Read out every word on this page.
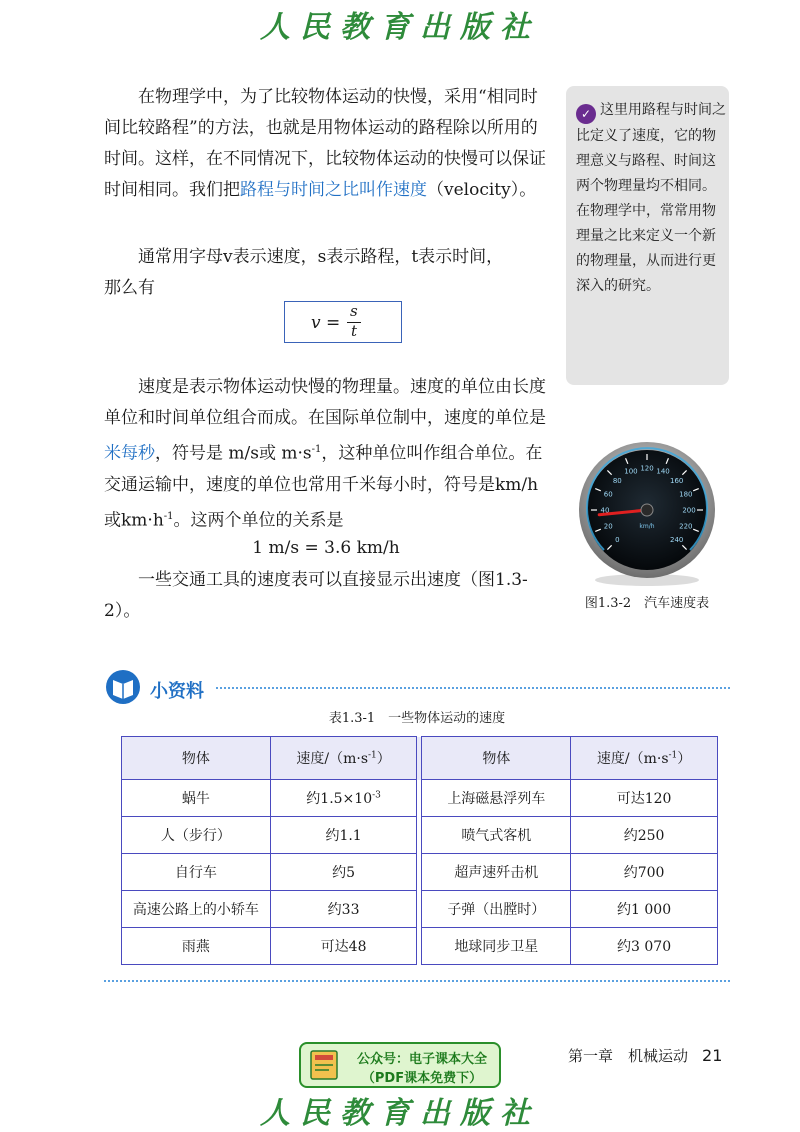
人民教育出版社

在物理学中，为了比较物体运动的快慢，采用“相同时间比较路程”的方法，也就是用物体运动的路程除以所用的时间。这样，在不同情况下，比较物体运动的快慢可以保证时间相同。我们把路程与时间之比叫作速度（velocity）。

通常用字母v表示速度，s表示路程，t表示时间，

那么有

v =
s
t

速度是表示物体运动快慢的物理量。速度的单位由长度单位和时间单位组合而成。在国际单位制中，速度的单位是米每秒，符号是 m/s或 $m\cdot s^{-1}$，这种单位叫作组合单位。在交通运输中，速度的单位也常用千米每小时，符号是km/h或$km\cdot h^{-1}$。这两个单位的关系是

1 m/s = 3.6 km/h

一些交通工具的速度表可以直接显示出速度（图1.3-2）。

✓ 这里用路程与时间之比定义了速度，它的物理意义与路程、时间这两个物理量均不相同。在物理学中，常常用物理量之比来定义一个新的物理量，从而进行更深入的研究。
0
20
40
60
80
100 120 140
160
180
200
220
240
km/h
图1.3-2　汽车速度表
小资料
表1.3-1　一些物体运动的速度
物体	速度$/(m\cdot s^{-1})$		物体	速度$/(m\cdot s^{-1})$
蜗牛	约$1.5\times 10^{-3}$		上海磁悬浮列车	可达120
人（步行）	约1.1		喷气式客机	约250
自行车	约5		超声速歼击机	约700
高速公路上的小轿车	约33		子弹（出膛时）	约1 000
雨燕	可达48		地球同步卫星	约3 070
第一章　机械运动 21
公众号：电子课本大全
（PDF课本免费下）
人民教育出版社
